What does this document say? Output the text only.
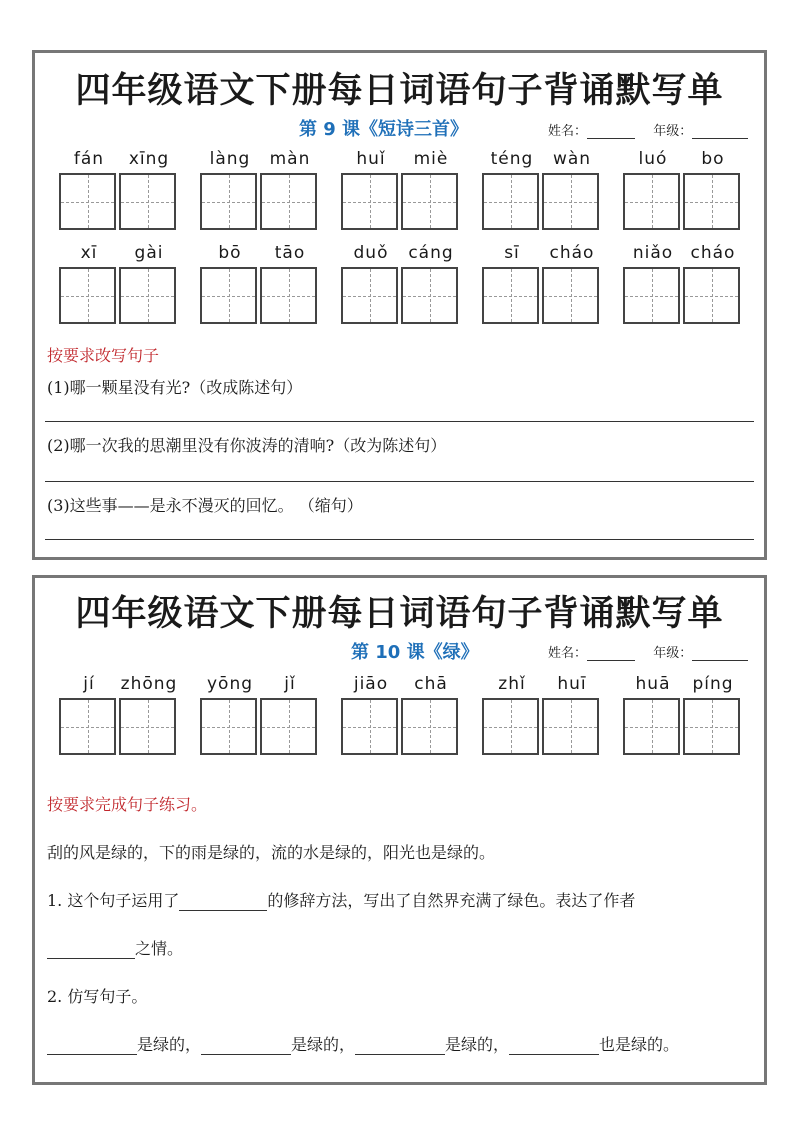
四年级语文下册每日词语句子背诵默写单
第 9 课《短诗三首》	姓名：	年级：
fán	xīng	làng	màn	huǐ	miè	téng	wàn	luó	bo
xī	gài	bō	tāo	duǒ	cáng	sī	cháo	niǎo	cháo
按要求改写句子
(1)哪一颗星没有光?（改成陈述句）
(2)哪一次我的思潮里没有你波涛的清响?（改为陈述句）
(3)这些事——是永不漫灭的回忆。 （缩句）
四年级语文下册每日词语句子背诵默写单
第 10 课《绿》	姓名：	年级：
jí	zhōng	yōng	jǐ	jiāo	chā	zhǐ	huī	huā	píng
按要求完成句子练习。
刮的风是绿的，下的雨是绿的，流的水是绿的，阳光也是绿的。
1. 这个句子运用了	的修辞方法，写出了自然界充满了绿色。表达了作者
之情。
2. 仿写句子。
是绿的，	是绿的，	是绿的，	也是绿的。
